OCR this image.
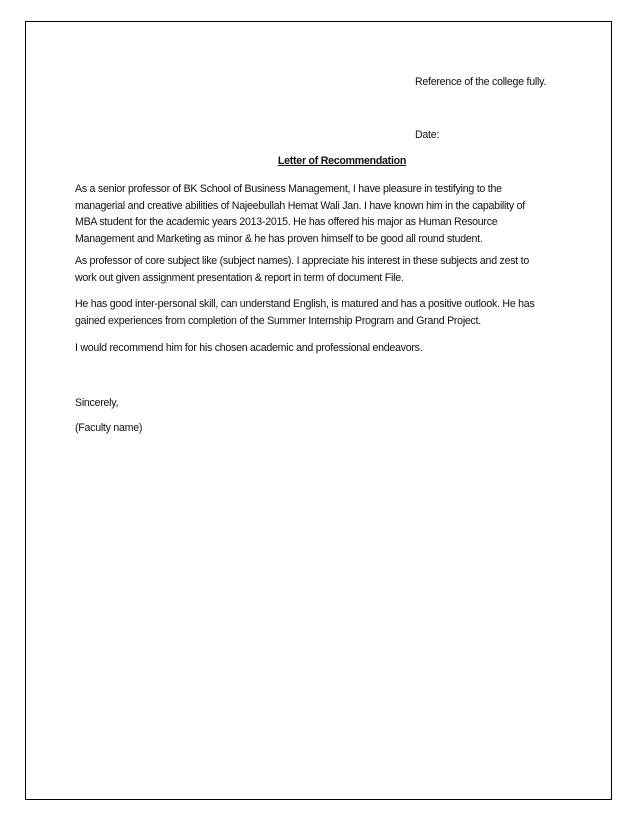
Reference of the college fully.
Date:
Letter of Recommendation
As a senior professor of BK School of Business Management, I have pleasure in testifying to the
managerial and creative abilities of Najeebullah Hemat Wali Jan. I have known him in the capability of
MBA student for the academic years 2013-2015. He has offered his major as Human Resource
Management and Marketing as minor & he has proven himself to be good all round student.
As professor of core subject like (subject names). I appreciate his interest in these subjects and zest to
work out given assignment presentation & report in term of document File.
He has good inter-personal skill, can understand English, is matured and has a positive outlook. He has
gained experiences from completion of the Summer Internship Program and Grand Project.
I would recommend him for his chosen academic and professional endeavors.
Sincerely,
(Faculty name)
